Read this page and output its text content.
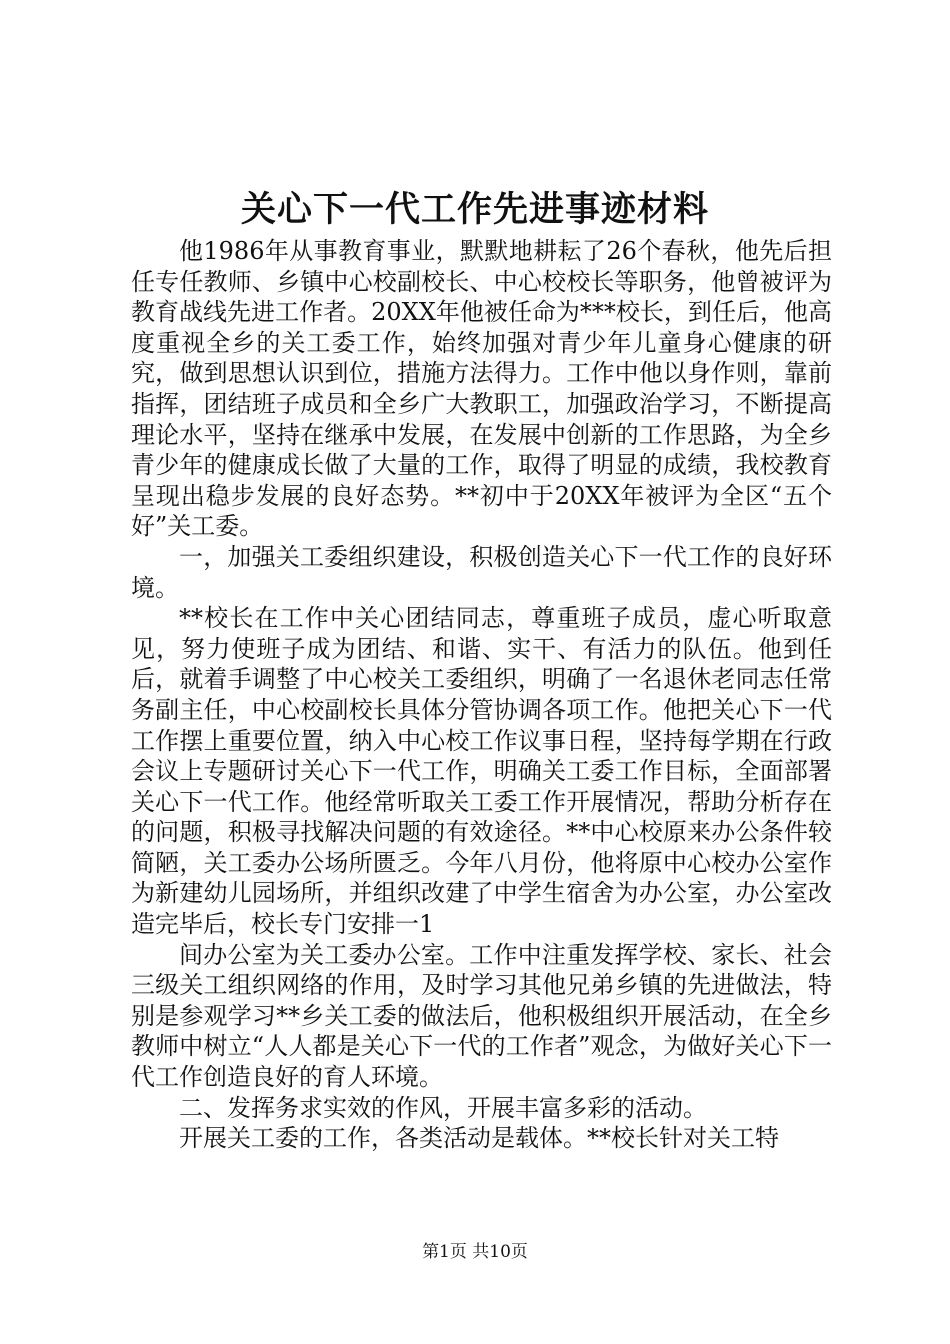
关心下一代工作先进事迹材料

他1986年从事教育事业，默默地耕耘了26个春秋，他先后担任专任教师、乡镇中心校副校长、中心校校长等职务，他曾被评为教育战线先进工作者。20XX年他被任命为***校长，到任后，他高度重视全乡的关工委工作，始终加强对青少年儿童身心健康的研究，做到思想认识到位，措施方法得力。工作中他以身作则，靠前指挥，团结班子成员和全乡广大教职工，加强政治学习，不断提高理论水平，坚持在继承中发展，在发展中创新的工作思路，为全乡青少年的健康成长做了大量的工作，取得了明显的成绩，我校教育呈现出稳步发展的良好态势。**初中于20XX年被评为全区“五个好”关工委。

一，加强关工委组织建设，积极创造关心下一代工作的良好环境。

**校长在工作中关心团结同志，尊重班子成员，虚心听取意见，努力使班子成为团结、和谐、实干、有活力的队伍。他到任后，就着手调整了中心校关工委组织，明确了一名退休老同志任常务副主任，中心校副校长具体分管协调各项工作。他把关心下一代工作摆上重要位置，纳入中心校工作议事日程，坚持每学期在行政会议上专题研讨关心下一代工作，明确关工委工作目标，全面部署关心下一代工作。他经常听取关工委工作开展情况，帮助分析存在的问题，积极寻找解决问题的有效途径。**中心校原来办公条件较简陋，关工委办公场所匮乏。今年八月份，他将原中心校办公室作为新建幼儿园场所，并组织改建了中学生宿舍为办公室，办公室改造完毕后，校长专门安排一1

间办公室为关工委办公室。工作中注重发挥学校、家长、社会三级关工组织网络的作用，及时学习其他兄弟乡镇的先进做法，特别是参观学习**乡关工委的做法后，他积极组织开展活动，在全乡教师中树立“人人都是关心下一代的工作者”观念，为做好关心下一代工作创造良好的育人环境。

二、发挥务求实效的作风，开展丰富多彩的活动。

开展关工委的工作，各类活动是载体。**校长针对关工特

第1页 共10页
